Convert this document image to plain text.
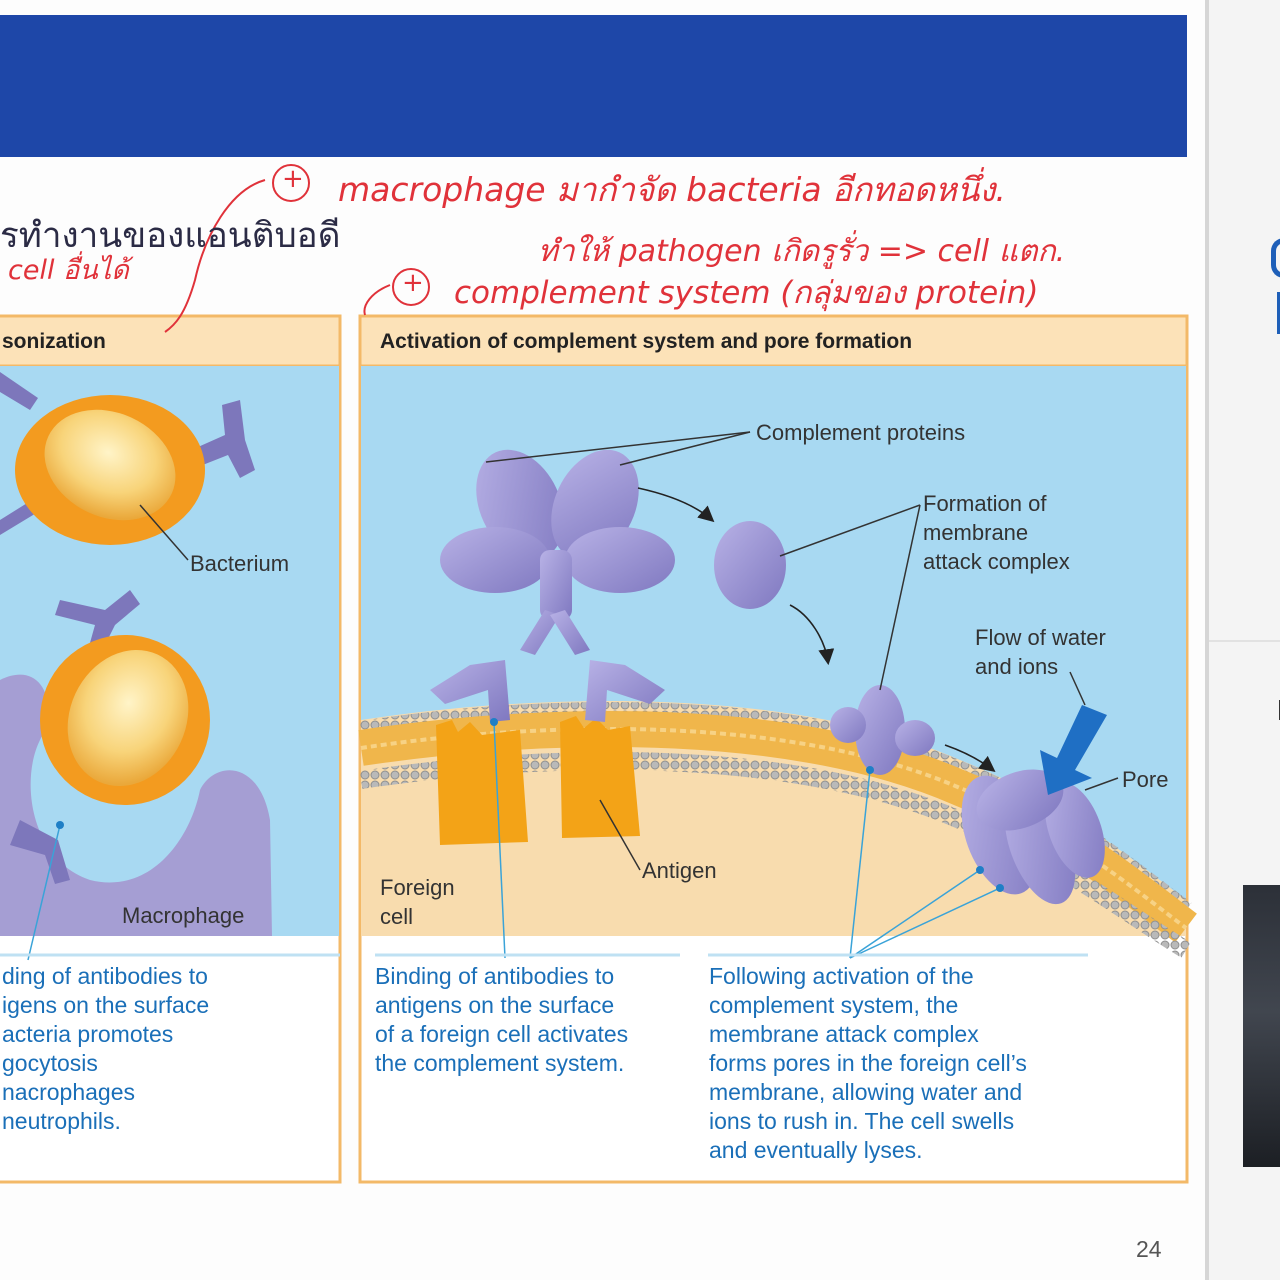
รทำงานของแอนติบอดี
+
+
macrophage มากำจัด bacteria อีกทอดหนึ่ง.
ทำให้ pathogen เกิดรูรั่ว => cell แตก.
complement system (กลุ่มของ protein)
cell อื่นได้
sonization	Activation of complement system and pore formation
Bacterium
Macrophage
ding of antibodies to
igens on the surface
acteria promotes
gocytosis
nacrophages
neutrophils.
Complement proteins
Formation of
membrane
attack complex
Flow of water
and ions
Pore
Antigen
Foreign
cell
Binding of antibodies to
antigens on the surface
of a foreign cell activates
the complement system.
Following activation of the
complement system, the
membrane attack complex
forms pores in the foreign cell’s
membrane, allowing water and
ions to rush in. The cell swells
and eventually lyses.
24
